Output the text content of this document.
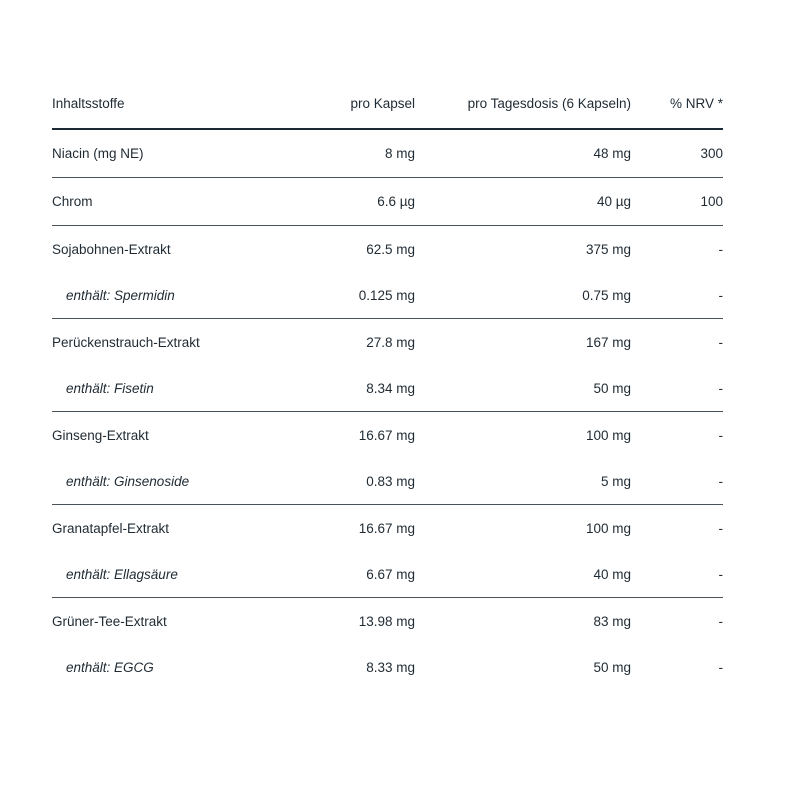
Inhaltsstoffe	pro Kapsel	pro Tagesdosis (6 Kapseln)	% NRV *
Niacin (mg NE)	8 mg	48 mg	300
Chrom	6.6 µg	40 µg	100
Sojabohnen-Extrakt	62.5 mg	375 mg	-
enthält: Spermidin	0.125 mg	0.75 mg	-
Perückenstrauch-Extrakt	27.8 mg	167 mg	-
enthält: Fisetin	8.34 mg	50 mg	-
Ginseng-Extrakt	16.67 mg	100 mg	-
enthält: Ginsenoside	0.83 mg	5 mg	-
Granatapfel-Extrakt	16.67 mg	100 mg	-
enthält: Ellagsäure	6.67 mg	40 mg	-
Grüner-Tee-Extrakt	13.98 mg	83 mg	-
enthält: EGCG	8.33 mg	50 mg	-
